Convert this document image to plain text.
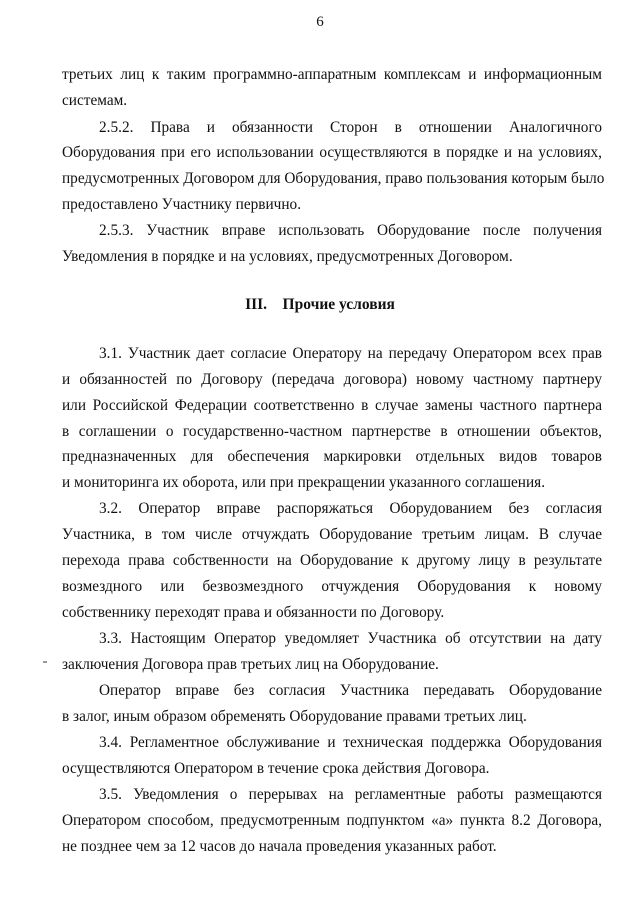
6
третьих лиц к таким программно-аппаратным комплексам и информационным
системам.
2.5.2. Права и обязанности Сторон в отношении Аналогичного
Оборудования при его использовании осуществляются в порядке и на условиях,
предусмотренных Договором для Оборудования, право пользования которым было
предоставлено Участнику первично.
2.5.3. Участник вправе использовать Оборудование после получения
Уведомления в порядке и на условиях, предусмотренных Договором.
III.    Прочие условия
3.1. Участник дает согласие Оператору на передачу Оператором всех прав
и обязанностей по Договору (передача договора) новому частному партнеру
или Российской Федерации соответственно в случае замены частного партнера
в соглашении о государственно-частном партнерстве в отношении объектов,
предназначенных для обеспечения маркировки отдельных видов товаров
и мониторинга их оборота, или при прекращении указанного соглашения.
3.2. Оператор вправе распоряжаться Оборудованием без согласия
Участника, в том числе отчуждать Оборудование третьим лицам. В случае
перехода права собственности на Оборудование к другому лицу в результате
возмездного или безвозмездного отчуждения Оборудования к новому
собственнику переходят права и обязанности по Договору.
3.3. Настоящим Оператор уведомляет Участника об отсутствии на дату
заключения Договора прав третьих лиц на Оборудование.
Оператор вправе без согласия Участника передавать Оборудование
в залог, иным образом обременять Оборудование правами третьих лиц.
3.4. Регламентное обслуживание и техническая поддержка Оборудования
осуществляются Оператором в течение срока действия Договора.
3.5. Уведомления о перерывах на регламентные работы размещаются
Оператором способом, предусмотренным подпунктом «а» пункта 8.2 Договора,
не позднее чем за 12 часов до начала проведения указанных работ.
